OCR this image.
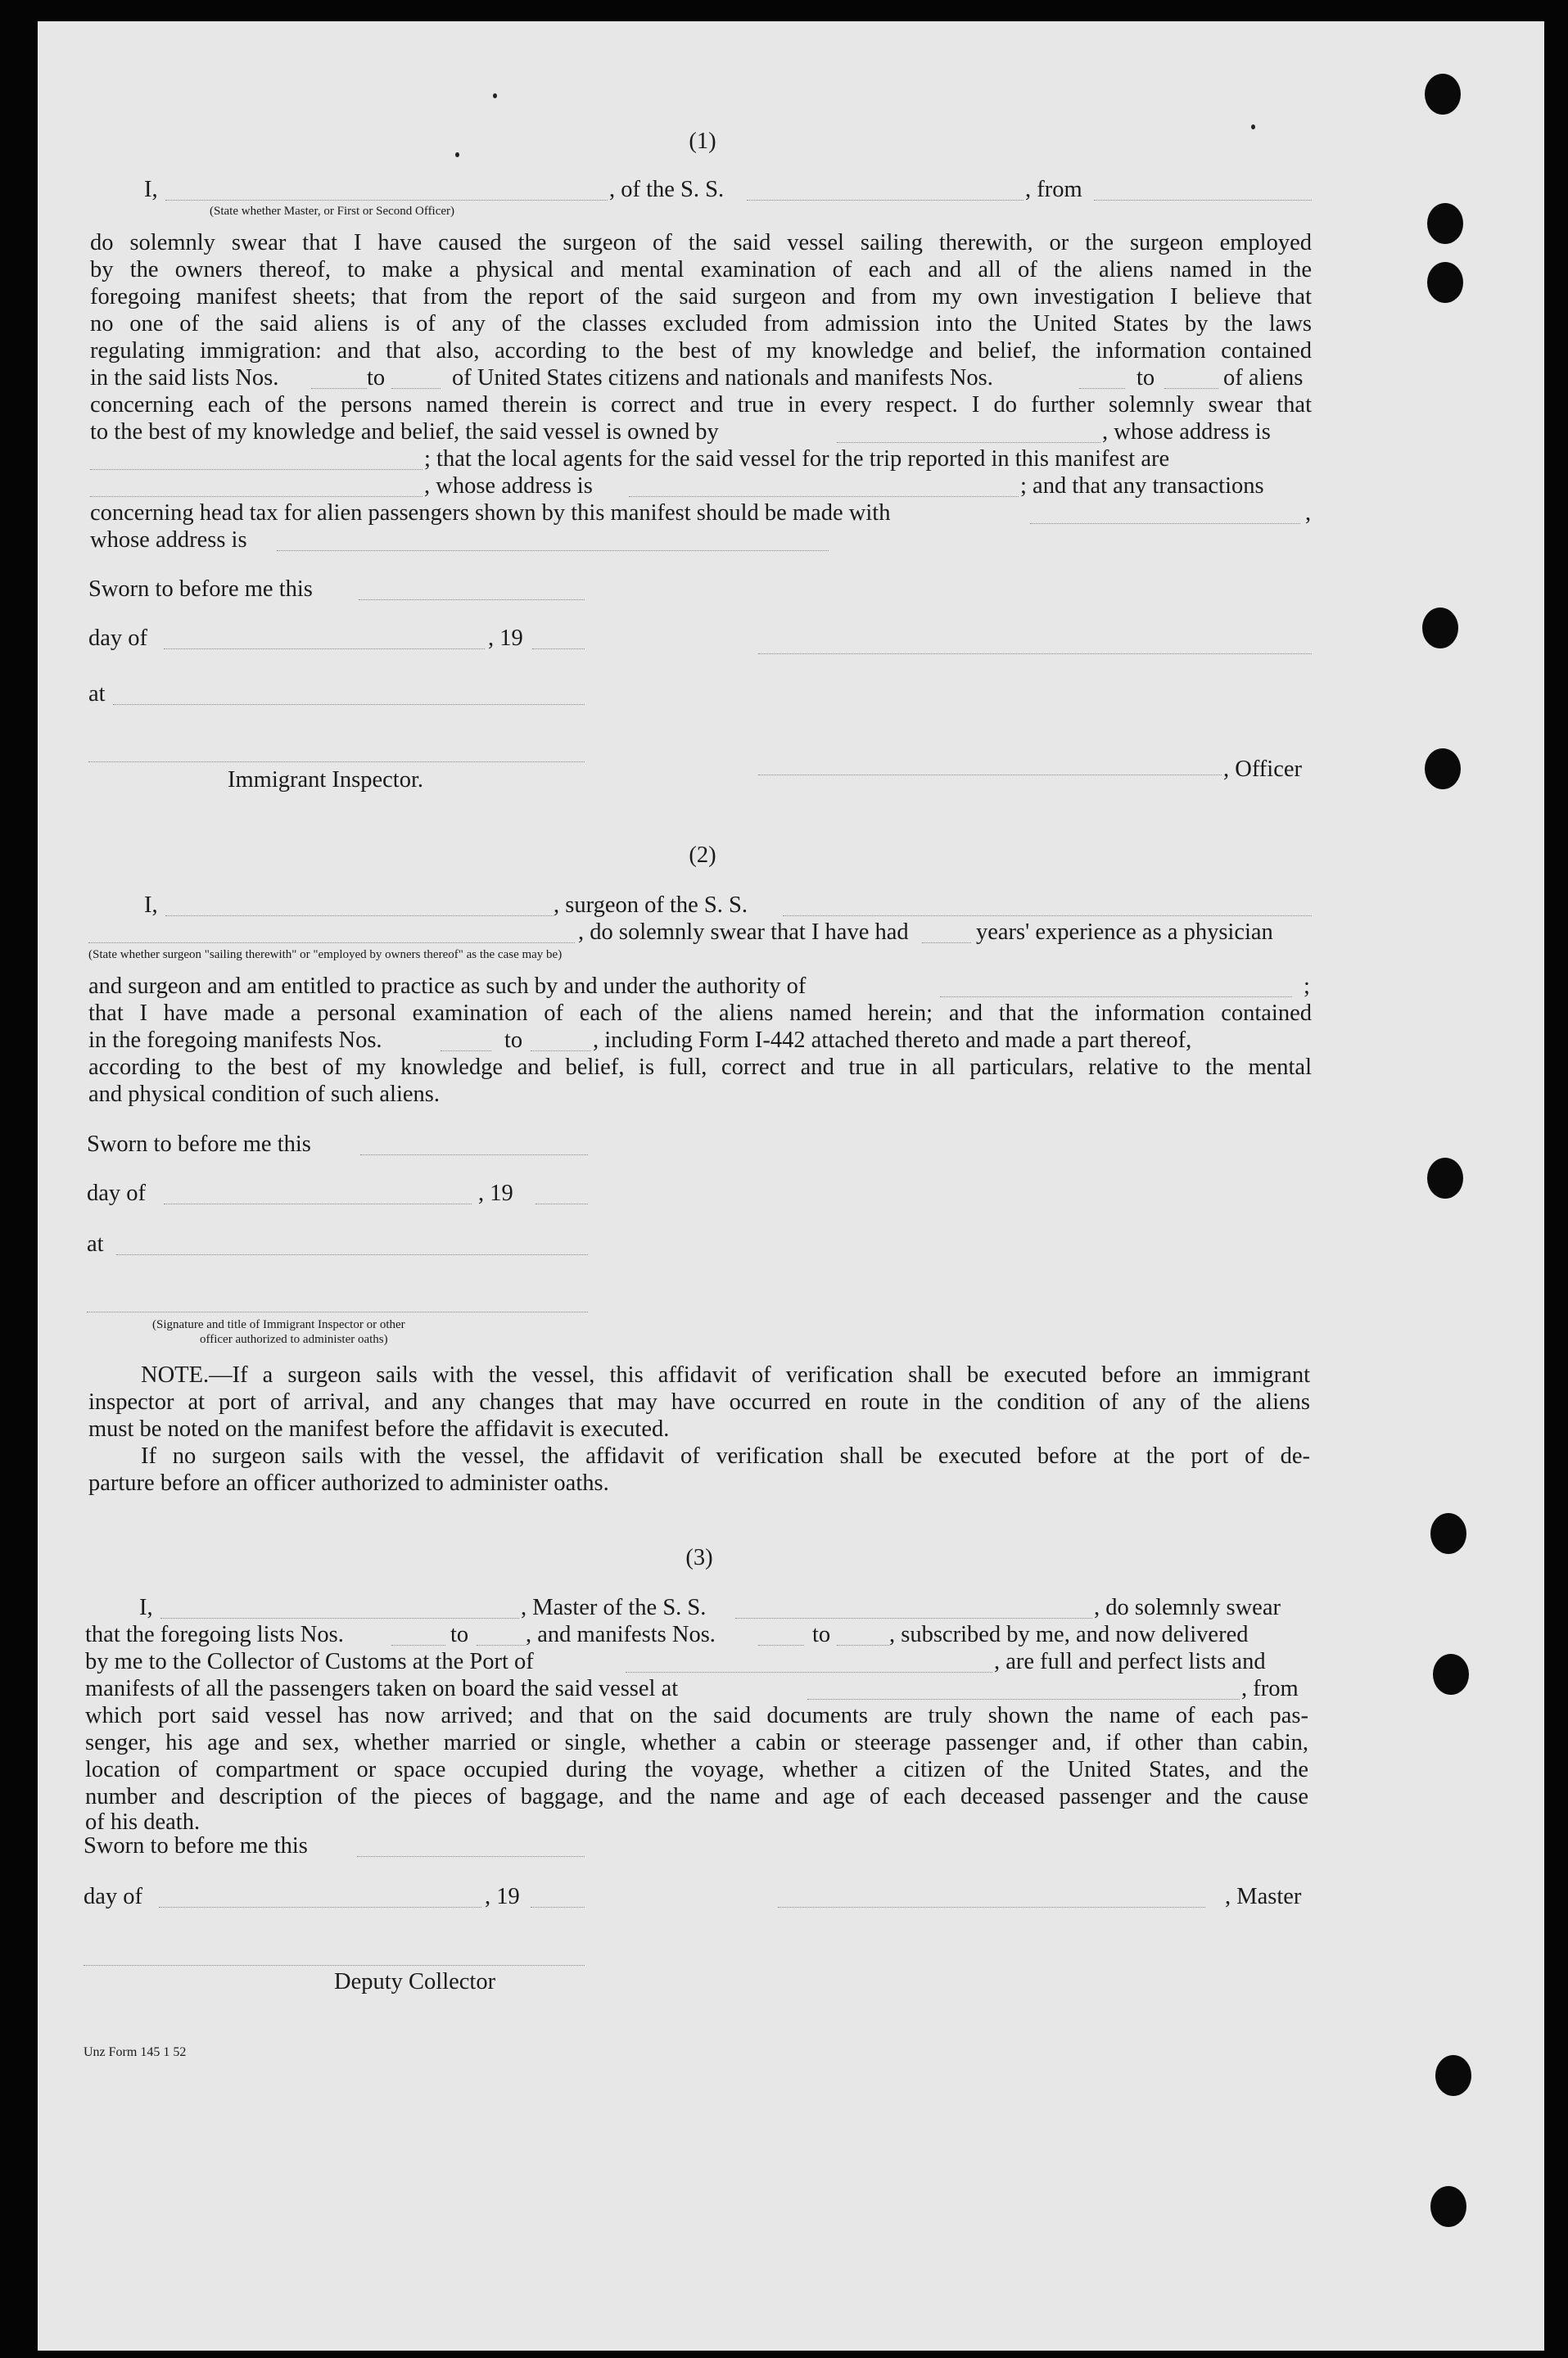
(1)
I,	, of the S. S.	, from
(State whether Master, or First or Second Officer)
do solemnly swear that I have caused the surgeon of the said vessel sailing therewith, or the surgeon employed
by the owners thereof, to make a physical and mental examination of each and all of the aliens named in the
foregoing manifest sheets; that from the report of the said surgeon and from my own investigation I believe that
no one of the said aliens is of any of the classes excluded from admission into the United States by the laws
regulating immigration: and that also, according to the best of my knowledge and belief, the information contained
in the said lists Nos.	to	of United States citizens and nationals and manifests Nos.	to	of aliens
concerning each of the persons named therein is correct and true in every respect. I do further solemnly swear that
to the best of my knowledge and belief, the said vessel is owned by	, whose address is
; that the local agents for the said vessel for the trip reported in this manifest are
, whose address is	; and that any transactions
concerning head tax for alien passengers shown by this manifest should be made with	,
whose address is
Sworn to before me this
day of	, 19
at
Immigrant Inspector.	, Officer
(2)
I,	, surgeon of the S. S.
, do solemnly swear that I have had	years' experience as a physician
(State whether surgeon "sailing therewith" or "employed by owners thereof" as the case may be)
and surgeon and am entitled to practice as such by and under the authority of	;
that I have made a personal examination of each of the aliens named herein; and that the information contained
in the foregoing manifests Nos.	to	, including Form I-442 attached thereto and made a part thereof,
according to the best of my knowledge and belief, is full, correct and true in all particulars, relative to the mental
and physical condition of such aliens.
Sworn to before me this
day of	, 19
at
(Signature and title of Immigrant Inspector or other
officer authorized to administer oaths)
NOTE.—If a surgeon sails with the vessel, this affidavit of verification shall be executed before an immigrant
inspector at port of arrival, and any changes that may have occurred en route in the condition of any of the aliens
must be noted on the manifest before the affidavit is executed.
If no surgeon sails with the vessel, the affidavit of verification shall be executed before at the port of de-
parture before an officer authorized to administer oaths.
(3)
I,	, Master of the S. S.	, do solemnly swear
that the foregoing lists Nos.	to , and manifests Nos.	to	, subscribed by me, and now delivered
by me to the Collector of Customs at the Port of	, are full and perfect lists and
manifests of all the passengers taken on board the said vessel at	, from
which port said vessel has now arrived; and that on the said documents are truly shown the name of each pas-
senger, his age and sex, whether married or single, whether a cabin or steerage passenger and, if other than cabin,
location of compartment or space occupied during the voyage, whether a citizen of the United States, and the
number and description of the pieces of baggage, and the name and age of each deceased passenger and the cause
of his death.
Sworn to before me this
day of	, 19	, Master
Deputy Collector
Unz Form 145 1 52
